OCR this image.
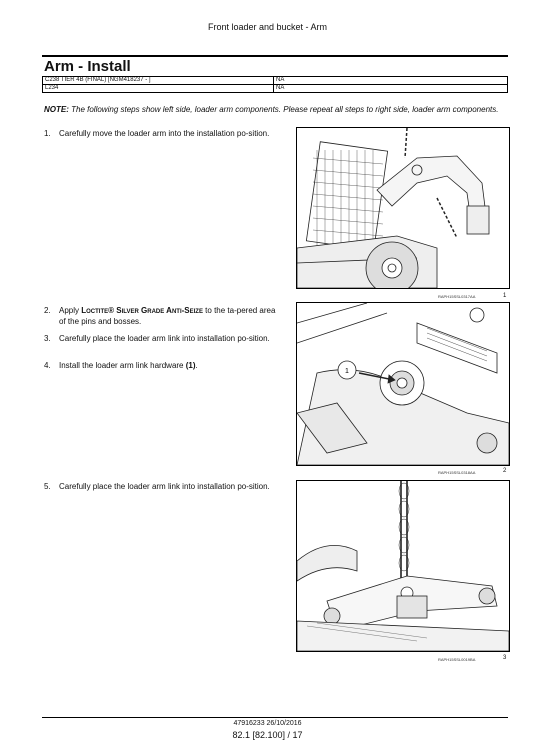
Front loader and bucket - Arm
Arm - Install
C238 TIER 4B (FINAL) [NGM418237 - ]	NA
L234	NA
NOTE: The following steps show left side, loader arm components. Please repeat all steps to right side, loader arm components.
1. Carefully move the loader arm into the installation po-sition.
2. Apply Loctite® Silver Grade Anti-Seize to the ta-pered area of the pins and bosses.
3. Carefully place the loader arm link into installation po-sition.
4. Install the loader arm link hardware (1).
5. Carefully place the loader arm link into installation po-sition.
RAPH15SSL0317AA	1
1
RAPH15SSL0318AA	2
RAPH15SSL0019BA	3
47916233 26/10/2016
82.1 [82.100] / 17
